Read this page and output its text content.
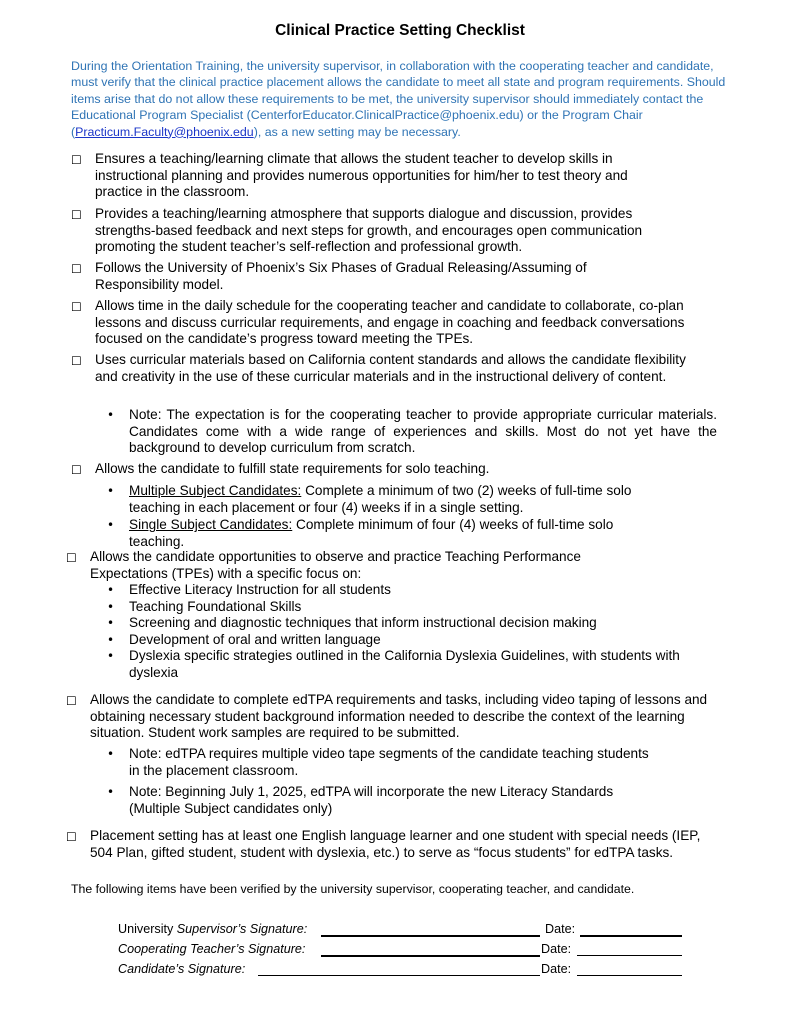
Clinical Practice Setting Checklist
During the Orientation Training, the university supervisor, in collaboration with the cooperating teacher and candidate, must verify that the clinical practice placement allows the candidate to meet all state and program requirements. Should items arise that do not allow these requirements to be met, the university supervisor should immediately contact the Educational Program Specialist (CenterforEducator.ClinicalPractice@phoenix.edu) or the Program Chair (Practicum.Faculty@phoenix.edu), as a new setting may be necessary.
☐ Ensures a teaching/learning climate that allows the student teacher to develop skills in instructional planning and provides numerous opportunities for him/her to test theory and practice in the classroom.
☐ Provides a teaching/learning atmosphere that supports dialogue and discussion, provides strengths-based feedback and next steps for growth, and encourages open communication promoting the student teacher’s self-reflection and professional growth.
☐ Follows the University of Phoenix’s Six Phases of Gradual Releasing/Assuming of Responsibility model.
☐ Allows time in the daily schedule for the cooperating teacher and candidate to collaborate, co-plan lessons and discuss curricular requirements, and engage in coaching and feedback conversations focused on the candidate’s progress toward meeting the TPEs.
☐ Uses curricular materials based on California content standards and allows the candidate flexibility and creativity in the use of these curricular materials and in the instructional delivery of content.
• Note: The expectation is for the cooperating teacher to provide appropriate curricular materials. Candidates come with a wide range of experiences and skills. Most do not yet have the background to develop curriculum from scratch.
☐ Allows the candidate to fulfill state requirements for solo teaching.
• Multiple Subject Candidates: Complete a minimum of two (2) weeks of full-time solo teaching in each placement or four (4) weeks if in a single setting.
• Single Subject Candidates: Complete minimum of four (4) weeks of full-time solo teaching.
☐ Allows the candidate opportunities to observe and practice Teaching Performance Expectations (TPEs) with a specific focus on:
• Effective Literacy Instruction for all students
• Teaching Foundational Skills
• Screening and diagnostic techniques that inform instructional decision making
• Development of oral and written language
• Dyslexia specific strategies outlined in the California Dyslexia Guidelines, with students with dyslexia
☐ Allows the candidate to complete edTPA requirements and tasks, including video taping of lessons and obtaining necessary student background information needed to describe the context of the learning situation. Student work samples are required to be submitted.
• Note: edTPA requires multiple video tape segments of the candidate teaching students in the placement classroom.
• Note: Beginning July 1, 2025, edTPA will incorporate the new Literacy Standards (Multiple Subject candidates only)
☐ Placement setting has at least one English language learner and one student with special needs (IEP, 504 Plan, gifted student, student with dyslexia, etc.) to serve as “focus students” for edTPA tasks.
The following items have been verified by the university supervisor, cooperating teacher, and candidate.
University Supervisor’s Signature:	Date:
Cooperating Teacher’s Signature:	Date:
Candidate’s Signature:	Date:
